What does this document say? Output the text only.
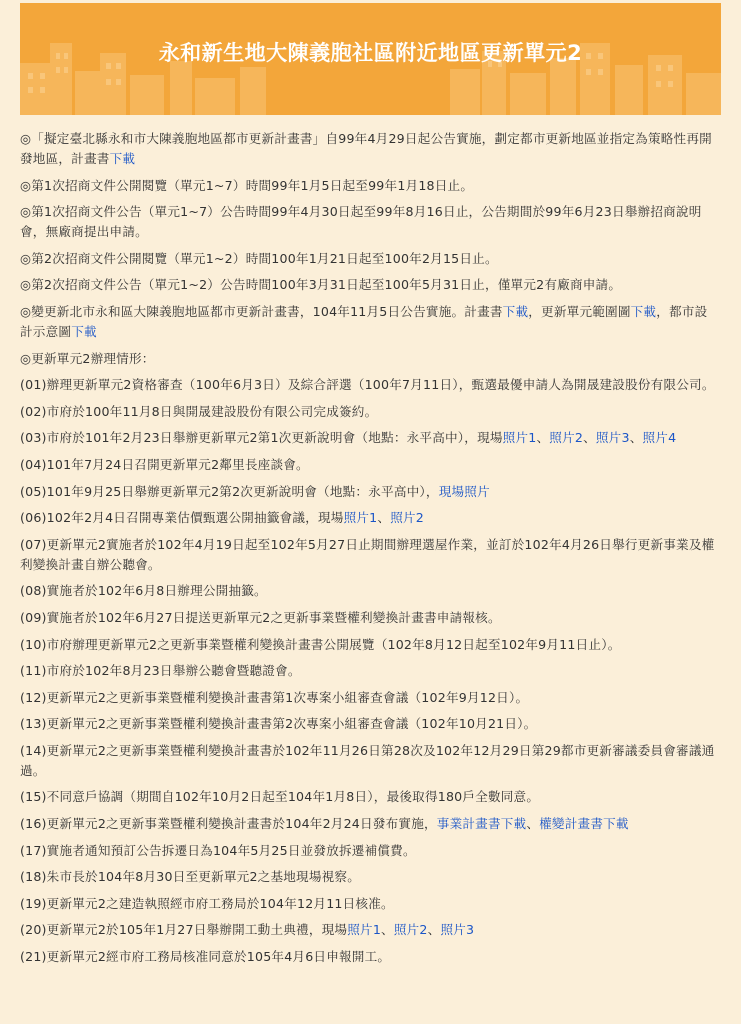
永和新生地大陳義胞社區附近地區更新單元2

◎「擬定臺北縣永和市大陳義胞地區都市更新計畫書」自99年4月29日起公告實施，劃定都市更新地區並指定為策略性再開發地區，計畫書下載

◎第1次招商文件公開閱覽（單元1~7）時間99年1月5日起至99年1月18日止。

◎第1次招商文件公告（單元1~7）公告時間99年4月30日起至99年8月16日止，公告期間於99年6月23日舉辦招商說明會，無廠商提出申請。

◎第2次招商文件公開閱覽（單元1~2）時間100年1月21日起至100年2月15日止。

◎第2次招商文件公告（單元1~2）公告時間100年3月31日起至100年5月31日止，僅單元2有廠商申請。

◎變更新北市永和區大陳義胞地區都市更新計畫書，104年11月5日公告實施。計畫書下載，更新單元範圍圖下載，都市設計示意圖下載

◎更新單元2辦理情形：

(01)辦理更新單元2資格審查（100年6月3日）及綜合評選（100年7月11日），甄選最優申請人為開晟建設股份有限公司。

(02)市府於100年11月8日與開晟建設股份有限公司完成簽約。

(03)市府於101年2月23日舉辦更新單元2第1次更新說明會（地點：永平高中），現場照片1、照片2、照片3、照片4

(04)101年7月24日召開更新單元2鄰里長座談會。

(05)101年9月25日舉辦更新單元2第2次更新說明會（地點：永平高中），現場照片

(06)102年2月4日召開專業估價甄選公開抽籤會議，現場照片1、照片2

(07)更新單元2實施者於102年4月19日起至102年5月27日止期間辦理選屋作業，並訂於102年4月26日舉行更新事業及權利變換計畫自辦公聽會。

(08)實施者於102年6月8日辦理公開抽籤。

(09)實施者於102年6月27日提送更新單元2之更新事業暨權利變換計畫書申請報核。

(10)市府辦理更新單元2之更新事業暨權利變換計畫書公開展覽（102年8月12日起至102年9月11日止）。

(11)市府於102年8月23日舉辦公聽會暨聽證會。

(12)更新單元2之更新事業暨權利變換計畫書第1次專案小組審查會議（102年9月12日）。

(13)更新單元2之更新事業暨權利變換計畫書第2次專案小組審查會議（102年10月21日）。

(14)更新單元2之更新事業暨權利變換計畫書於102年11月26日第28次及102年12月29日第29都市更新審議委員會審議通過。

(15)不同意戶協調（期間自102年10月2日起至104年1月8日），最後取得180戶全數同意。

(16)更新單元2之更新事業暨權利變換計畫書於104年2月24日發布實施，事業計畫書下載、權變計畫書下載

(17)實施者通知預訂公告拆遷日為104年5月25日並發放拆遷補償費。

(18)朱市長於104年8月30日至更新單元2之基地現場視察。

(19)更新單元2之建造執照經市府工務局於104年12月11日核准。

(20)更新單元2於105年1月27日舉辦開工動土典禮，現場照片1、照片2、照片3

(21)更新單元2經市府工務局核准同意於105年4月6日申報開工。
